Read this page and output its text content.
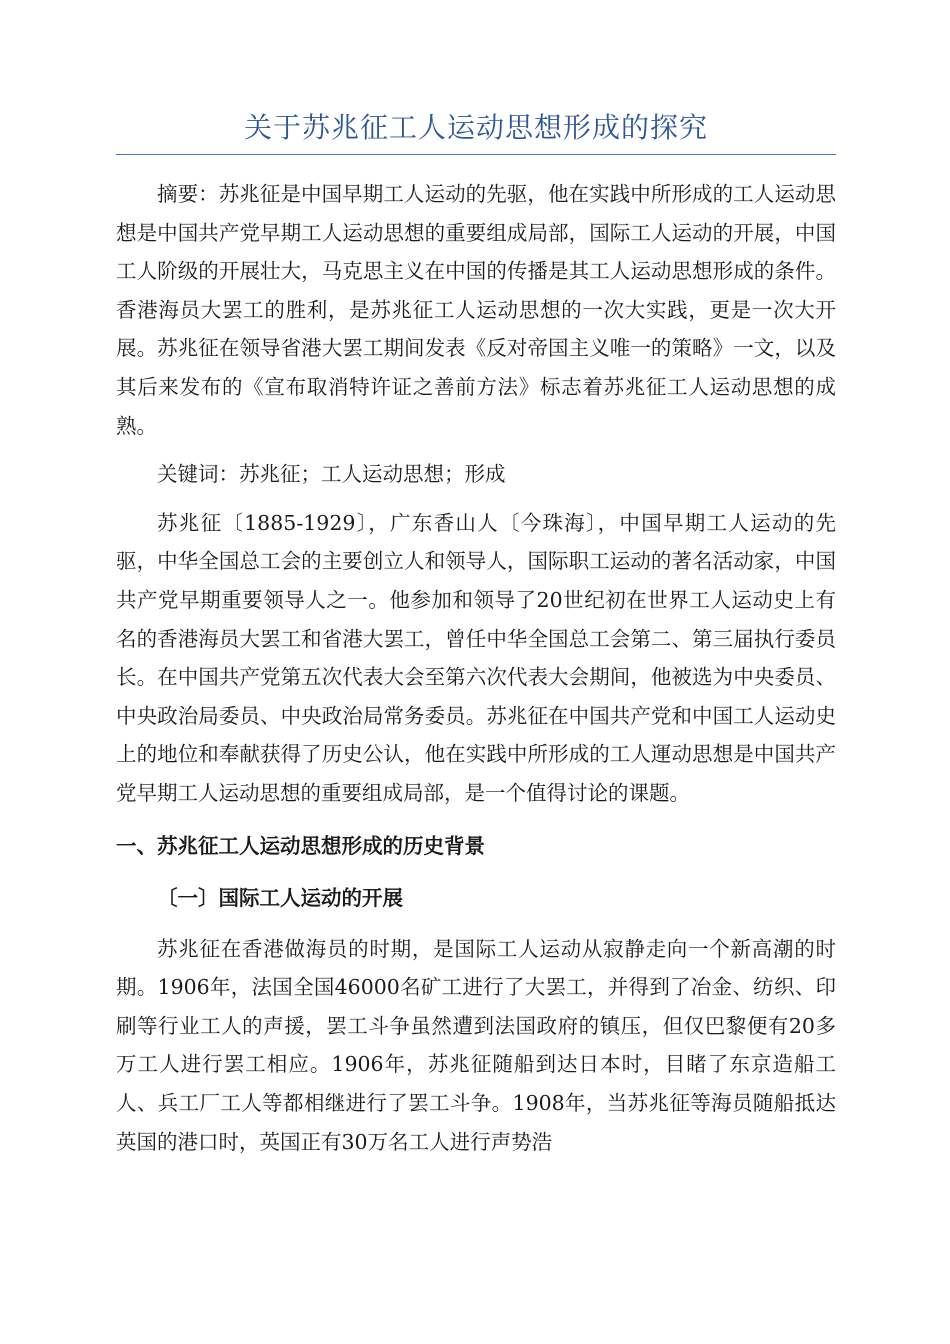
关于苏兆征工人运动思想形成的探究

摘要：苏兆征是中国早期工人运动的先驱，他在实践中所形成的工人运动思想是中国共产党早期工人运动思想的重要组成局部，国际工人运动的开展，中国工人阶级的开展壮大，马克思主义在中国的传播是其工人运动思想形成的条件。香港海员大罢工的胜利，是苏兆征工人运动思想的一次大实践，更是一次大开展。苏兆征在领导省港大罢工期间发表《反对帝国主义唯一的策略》一文，以及其后来发布的《宣布取消特许证之善前方法》标志着苏兆征工人运动思想的成熟。

关键词：苏兆征；工人运动思想；形成

苏兆征〔1885-1929〕，广东香山人〔今珠海〕，中国早期工人运动的先驱，中华全国总工会的主要创立人和领导人，国际职工运动的著名活动家，中国共产党早期重要领导人之一。他参加和领导了20世纪初在世界工人运动史上有名的香港海员大罢工和省港大罢工，曾任中华全国总工会第二、第三届执行委员长。在中国共产党第五次代表大会至第六次代表大会期间，他被选为中央委员、中央政治局委员、中央政治局常务委员。苏兆征在中国共产党和中国工人运动史上的地位和奉献获得了历史公认，他在实践中所形成的工人運动思想是中国共产党早期工人运动思想的重要组成局部，是一个值得讨论的课题。

一、苏兆征工人运动思想形成的历史背景
〔一〕国际工人运动的开展

苏兆征在香港做海员的时期，是国际工人运动从寂静走向一个新高潮的时期。1906年，法国全国46000名矿工进行了大罢工，并得到了冶金、纺织、印刷等行业工人的声援，罢工斗争虽然遭到法国政府的镇压，但仅巴黎便有20多万工人进行罢工相应。1906年，苏兆征随船到达日本时，目睹了东京造船工人、兵工厂工人等都相继进行了罢工斗争。1908年，当苏兆征等海员随船抵达英国的港口时，英国正有30万名工人进行声势浩
